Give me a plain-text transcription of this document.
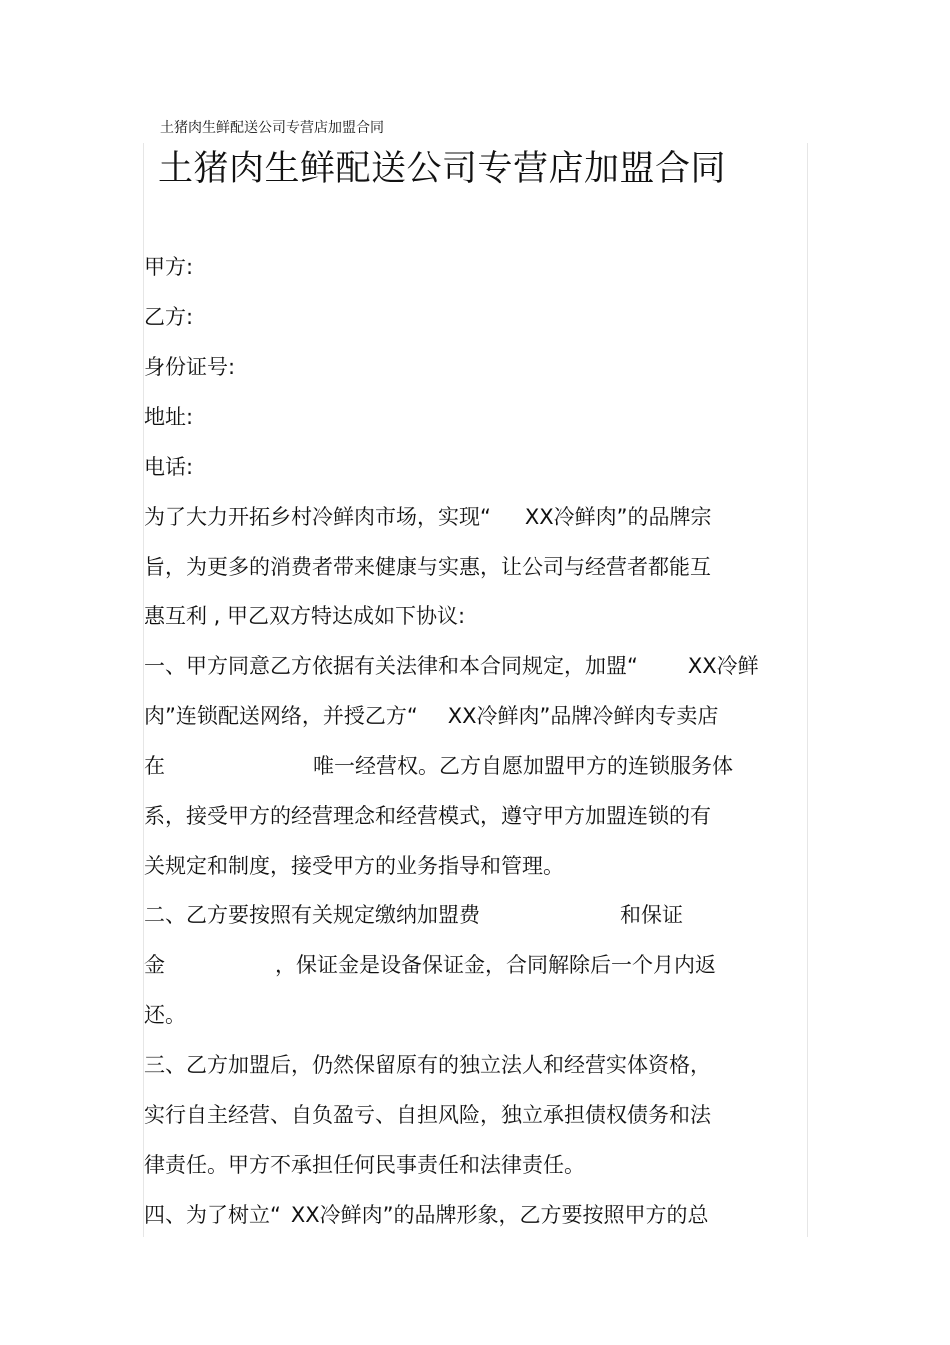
土猪肉生鲜配送公司专营店加盟合同
土猪肉生鲜配送公司专营店加盟合同
甲方:
乙方:
身份证号:
地址:
电话:
为了大力开拓乡村冷鲜肉市场，实现“ XX冷鲜肉”的品牌宗
旨，为更多的消费者带来健康与实惠，让公司与经营者都能互
惠互利 , 甲乙双方特达成如下协议:
一、甲方同意乙方依据有关法律和本合同规定，加盟“ XX冷鲜
肉”连锁配送网络，并授乙方“ XX冷鲜肉”品牌冷鲜肉专卖店
在	唯一经营权。乙方自愿加盟甲方的连锁服务体
系，接受甲方的经营理念和经营模式，遵守甲方加盟连锁的有
关规定和制度，接受甲方的业务指导和管理。
二、乙方要按照有关规定缴纳加盟费	和保证
金	，保证金是设备保证金，合同解除后一个月内返
还。
三、乙方加盟后，仍然保留原有的独立法人和经营实体资格，
实行自主经营、自负盈亏、自担风险，独立承担债权债务和法
律责任。甲方不承担任何民事责任和法律责任。
四、为了树立“ XX冷鲜肉”的品牌形象，乙方要按照甲方的总
